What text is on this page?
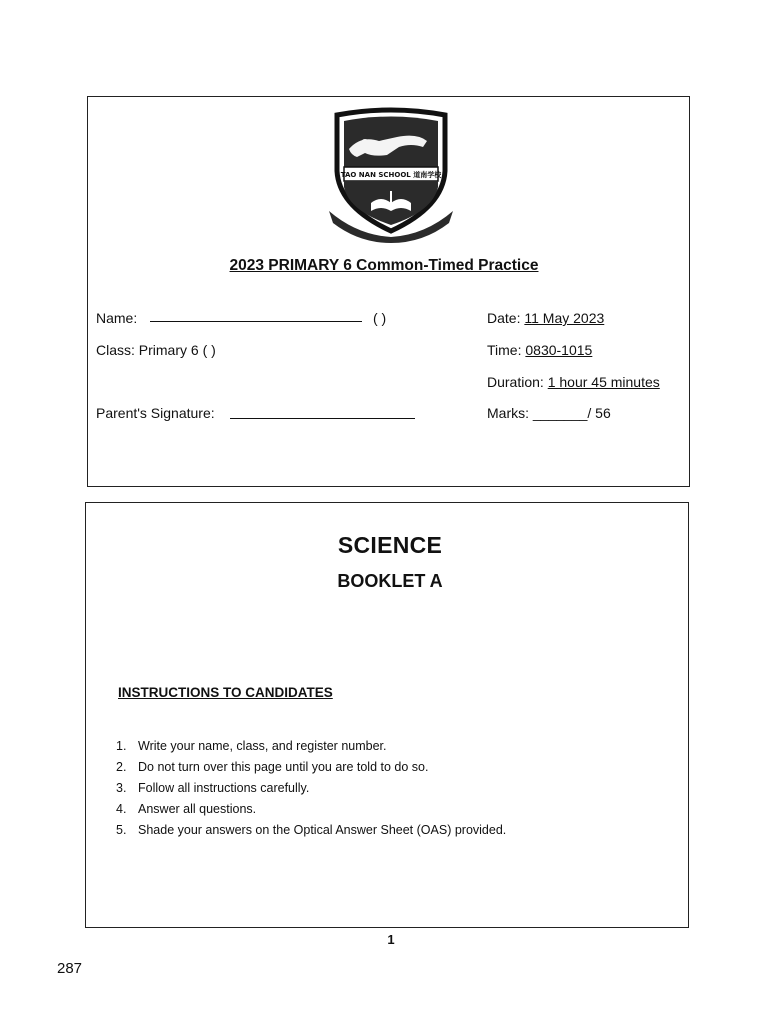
TAO NAN SCHOOL 道南学校
2023 PRIMARY 6 Common-Timed Practice
Name:	( )
Class: Primary 6 ( )
Parent's Signature:
Date: 11 May 2023
Time: 0830-1015
Duration: 1 hour 45 minutes
Marks: _______/ 56
SCIENCE
BOOKLET A
INSTRUCTIONS TO CANDIDATES
1. Write your name, class, and register number.
2. Do not turn over this page until you are told to do so.
3. Follow all instructions carefully.
4. Answer all questions.
5. Shade your answers on the Optical Answer Sheet (OAS) provided.
1
287
